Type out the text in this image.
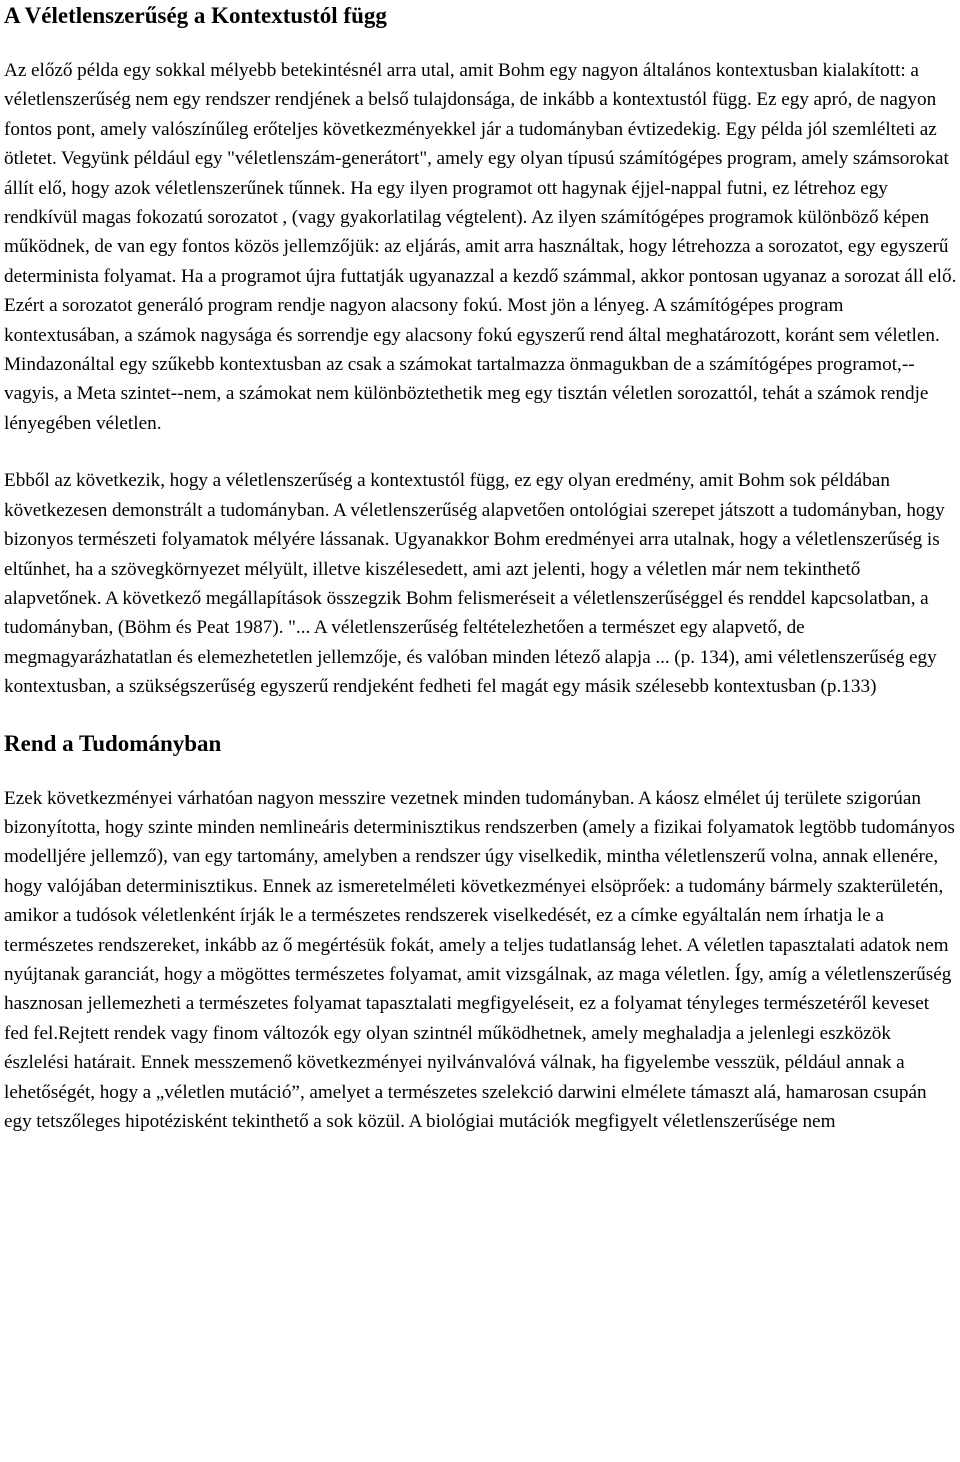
A Véletlenszerűség a Kontextustól függ

Az előző példa egy sokkal mélyebb betekintésnél arra utal, amit Bohm egy nagyon általános kontextusban kialakított: a véletlenszerűség nem egy rendszer rendjének a belső tulajdonsága, de inkább a kontextustól függ. Ez egy apró, de nagyon fontos pont, amely valószínűleg erőteljes következményekkel jár a tudományban évtizedekig. Egy példa jól szemlélteti az ötletet. Vegyünk például egy "véletlenszám-generátort", amely egy olyan típusú számítógépes program, amely számsorokat állít elő, hogy azok véletlenszerűnek tűnnek. Ha egy ilyen programot ott hagynak éjjel-nappal futni, ez létrehoz egy rendkívül magas fokozatú sorozatot , (vagy gyakorlatilag végtelent). Az ilyen számítógépes programok különböző képen működnek, de van egy fontos közös jellemzőjük: az eljárás, amit arra használtak, hogy létrehozza a sorozatot, egy egyszerű determinista folyamat. Ha a programot újra futtatják ugyanazzal a kezdő számmal, akkor pontosan ugyanaz a sorozat áll elő. Ezért a sorozatot generáló program rendje nagyon alacsony fokú. Most jön a lényeg. A számítógépes program kontextusában, a számok nagysága és sorrendje egy alacsony fokú egyszerű rend által meghatározott, koránt sem véletlen. Mindazonáltal egy szűkebb kontextusban az csak a számokat tartalmazza önmagukban de a számítógépes programot,--vagyis, a Meta szintet--nem, a számokat nem különböztethetik meg egy tisztán véletlen sorozattól, tehát a számok rendje lényegében véletlen.

Ebből az következik, hogy a véletlenszerűség a kontextustól függ, ez egy olyan eredmény, amit Bohm sok példában következesen demonstrált a tudományban. A véletlenszerűség alapvetően ontológiai szerepet játszott a tudományban, hogy bizonyos természeti folyamatok mélyére lássanak. Ugyanakkor Bohm eredményei arra utalnak, hogy a véletlenszerűség is eltűnhet, ha a szövegkörnyezet mélyült, illetve kiszélesedett, ami azt jelenti, hogy a véletlen már nem tekinthető alapvetőnek. A következő megállapítások összegzik Bohm felismeréseit a véletlenszerűséggel és renddel kapcsolatban, a tudományban, (Böhm és Peat 1987). "... A véletlenszerűség feltételezhetően a természet egy alapvető, de megmagyarázhatatlan és elemezhetetlen jellemzője, és valóban minden létező alapja ... (p. 134), ami véletlenszerűség egy kontextusban, a szükségszerűség egyszerű rendjeként fedheti fel magát egy másik szélesebb kontextusban (p.133)

Rend a Tudományban

Ezek következményei várhatóan nagyon messzire vezetnek minden tudományban. A káosz elmélet új területe szigorúan bizonyította, hogy szinte minden nemlineáris determinisztikus rendszerben (amely a fizikai folyamatok legtöbb tudományos modelljére jellemző), van egy tartomány, amelyben a rendszer úgy viselkedik, mintha véletlenszerű volna, annak ellenére, hogy valójában determinisztikus. Ennek az ismeretelméleti következményei elsöprőek: a tudomány bármely szakterületén, amikor a tudósok véletlenként írják le a természetes rendszerek viselkedését, ez a címke egyáltalán nem írhatja le a természetes rendszereket, inkább az ő megértésük fokát, amely a teljes tudatlanság lehet. A véletlen tapasztalati adatok nem nyújtanak garanciát, hogy a mögöttes természetes folyamat, amit vizsgálnak, az maga véletlen. Így, amíg a véletlenszerűség hasznosan jellemezheti a természetes folyamat tapasztalati megfigyeléseit, ez a folyamat tényleges természetéről keveset fed fel.Rejtett rendek vagy finom változók egy olyan szintnél működhetnek, amely meghaladja a jelenlegi eszközök észlelési határait. Ennek messzemenő következményei nyilvánvalóvá válnak, ha figyelembe vesszük, például annak a lehetőségét, hogy a „véletlen mutáció”, amelyet a természetes szelekció darwini elmélete támaszt alá, hamarosan csupán egy tetszőleges hipotézisként tekinthető a sok közül. A biológiai mutációk megfigyelt véletlenszerűsége nem
